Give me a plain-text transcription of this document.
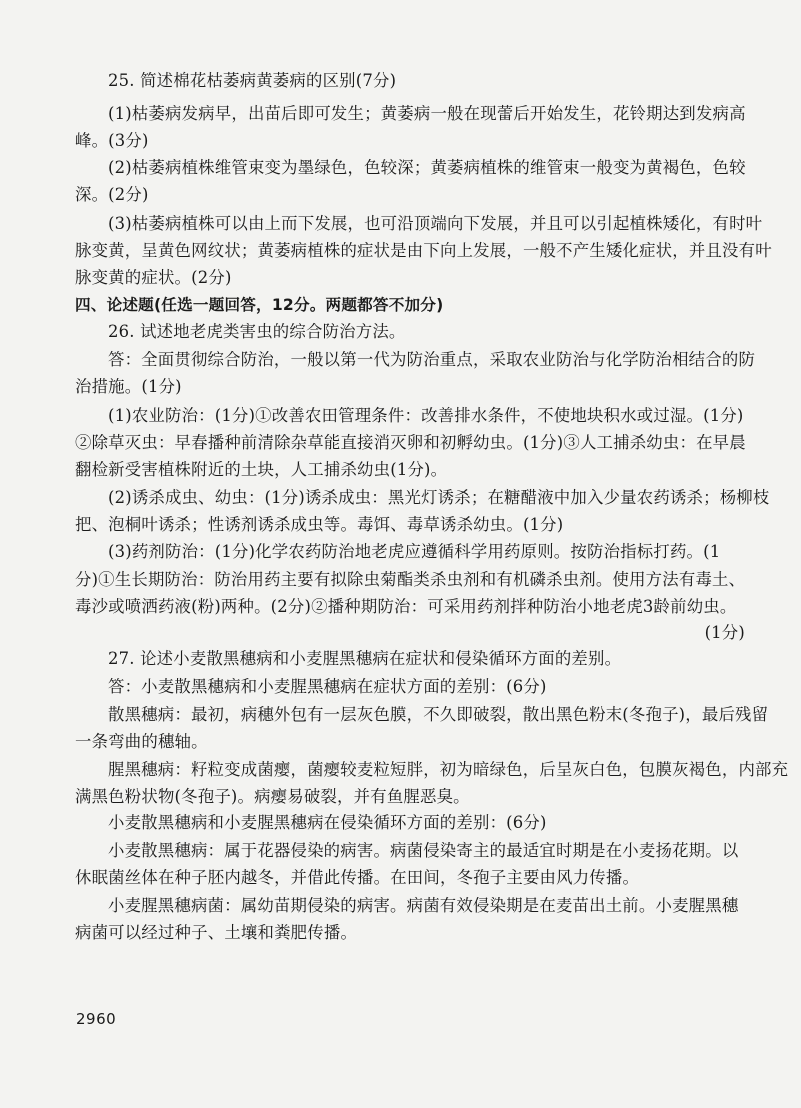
25. 简述棉花枯萎病黄萎病的区别(7分)
(1)枯萎病发病早，出苗后即可发生；黄萎病一般在现蕾后开始发生，花铃期达到发病高
峰。(3分)
(2)枯萎病植株维管束变为墨绿色，色较深；黄萎病植株的维管束一般变为黄褐色，色较
深。(2分)
(3)枯萎病植株可以由上而下发展，也可沿顶端向下发展，并且可以引起植株矮化，有时叶
脉变黄，呈黄色网纹状；黄萎病植株的症状是由下向上发展，一般不产生矮化症状，并且没有叶
脉变黄的症状。(2分)
四、论述题(任选一题回答，12分。两题都答不加分)
26. 试述地老虎类害虫的综合防治方法。
答：全面贯彻综合防治，一般以第一代为防治重点，采取农业防治与化学防治相结合的防
治措施。(1分)
(1)农业防治：(1分)①改善农田管理条件：改善排水条件，不使地块积水或过湿。(1分)
②除草灭虫：早春播种前清除杂草能直接消灭卵和初孵幼虫。(1分)③人工捕杀幼虫：在早晨
翻检新受害植株附近的土块，人工捕杀幼虫(1分)。
(2)诱杀成虫、幼虫：(1分)诱杀成虫：黑光灯诱杀；在糖醋液中加入少量农药诱杀；杨柳枝
把、泡桐叶诱杀；性诱剂诱杀成虫等。毒饵、毒草诱杀幼虫。(1分)
(3)药剂防治：(1分)化学农药防治地老虎应遵循科学用药原则。按防治指标打药。(1
分)①生长期防治：防治用药主要有拟除虫菊酯类杀虫剂和有机磷杀虫剂。使用方法有毒土、
毒沙或喷洒药液(粉)两种。(2分)②播种期防治：可采用药剂拌种防治小地老虎3龄前幼虫。
(1分)
27. 论述小麦散黑穗病和小麦腥黑穗病在症状和侵染循环方面的差别。
答：小麦散黑穗病和小麦腥黑穗病在症状方面的差别：(6分)
散黑穗病：最初，病穗外包有一层灰色膜，不久即破裂，散出黑色粉末(冬孢子)，最后残留
一条弯曲的穗轴。
腥黑穗病：籽粒变成菌瘿，菌瘿较麦粒短胖，初为暗绿色，后呈灰白色，包膜灰褐色，内部充
满黑色粉状物(冬孢子)。病瘿易破裂，并有鱼腥恶臭。
小麦散黑穗病和小麦腥黑穗病在侵染循环方面的差别：(6分)
小麦散黑穗病：属于花器侵染的病害。病菌侵染寄主的最适宜时期是在小麦扬花期。以
休眠菌丝体在种子胚内越冬，并借此传播。在田间，冬孢子主要由风力传播。
小麦腥黑穗病菌：属幼苗期侵染的病害。病菌有效侵染期是在麦苗出土前。小麦腥黑穗
病菌可以经过种子、土壤和粪肥传播。
2960
